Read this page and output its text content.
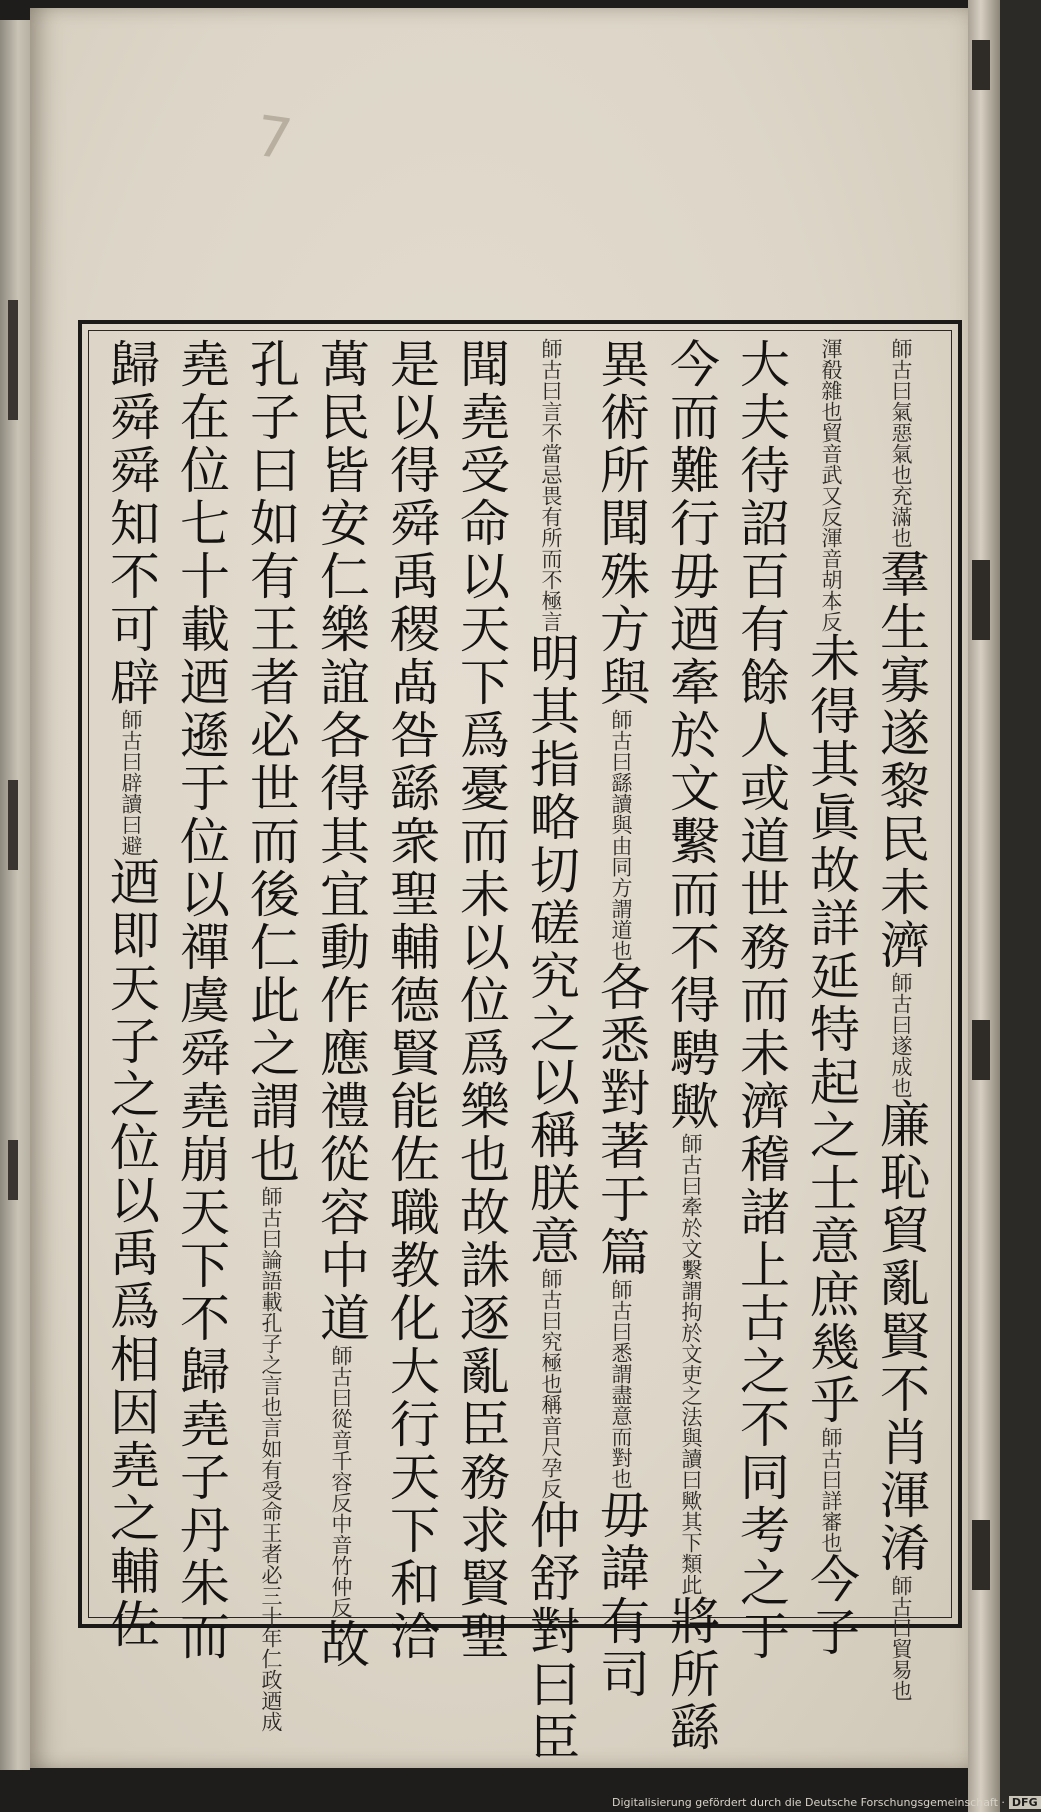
7
師古曰氣惡氣也充滿也羣生寡遂黎民未濟師古曰遂成也廉恥貿亂賢不肖渾淆師古曰貿易也
渾殽雜也貿音武又反渾音胡本反未得其眞故詳延特起之士意庶幾乎師古曰詳審也今子
大夫待詔百有餘人或道世務而未濟稽諸上古之不同考之于
今而難行毋迺牽於文繫而不得騁歟師古曰牽於文繫謂拘於文吏之法與讀曰歟其下類此將所繇
異術所聞殊方與師古曰繇讀與由同方謂道也各悉對著于篇師古曰悉謂盡意而對也毋諱有司
師古曰言不當忌畏有所而不極言明其指略切磋究之以稱朕意師古曰究極也稱音尺孕反仲舒對曰臣
聞堯受命以天下爲憂而未以位爲樂也故誅逐亂臣務求賢聖
是以得舜禹稷卨咎繇衆聖輔德賢能佐職教化大行天下和洽
萬民皆安仁樂誼各得其宜動作應禮從容中道師古曰從音千容反中音竹仲反故
孔子曰如有王者必世而後仁此之謂也師古曰論語載孔子之言也言如有受命王者必三十年仁政迺成
堯在位七十載迺遜于位以禪虞舜堯崩天下不歸堯子丹朱而
歸舜舜知不可辟師古曰辟讀曰避迺即天子之位以禹爲相因堯之輔佐
Digitalisierung gefördert durch die Deutsche Forschungsgemeinschaft · DFG
